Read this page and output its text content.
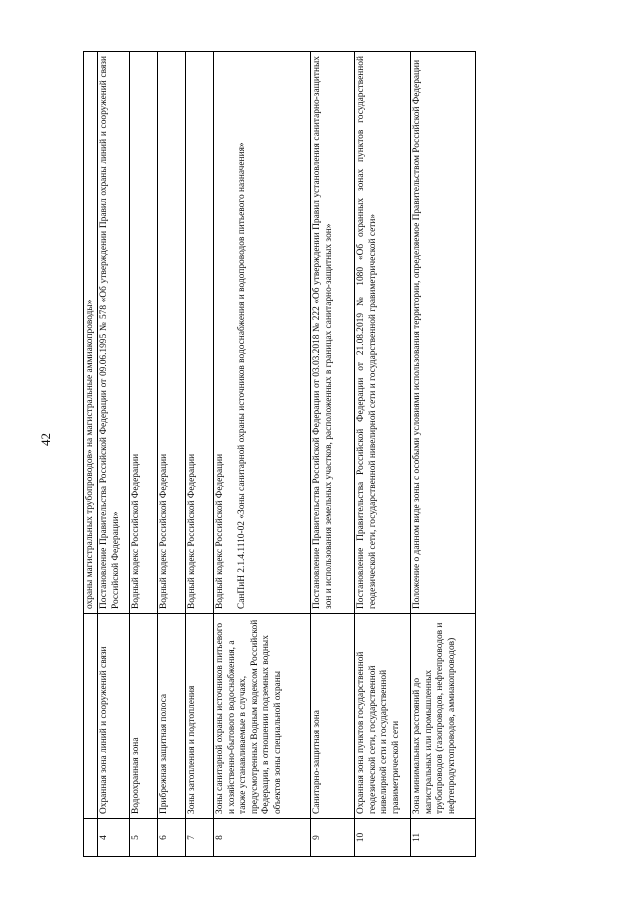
42
			охраны магистральных трубопроводов» на магистральные аммиакопроводы»
4	Охранная зона линий и сооружений связи	Постановление Правительства Российской Федерации от 09.06.1995 № 578 «Об утверждении Правил охраны линий и сооружений связи Российской Федерации»
5	Водоохранная зона	Водный кодекс Российской Федерации
6	Прибрежная защитная полоса	Водный кодекс Российской Федерации
7	Зоны затопления и подтопления	Водный кодекс Российской Федерации
8	Зоны санитарной охраны источников питьевого и хозяйственно-бытового водоснабжения, а также устанавливаемые в случаях, предусмотренных Водным кодексом Российской Федерации, в отношении подземных водных объектов зоны специальной охраны	Водный кодекс Российской Федерации СанПиН 2.1.4.1110-02 «Зоны санитарной охраны источников водоснабжения и водопроводов питьевого назначения»

9	Санитарно-защитная зона	Постановление Правительства Российской Федерации от 03.03.2018 № 222 «Об утверждении Правил установления санитарно-защитных зон и использования земельных участков, расположенных в границах санитарно-защитных зон»
10	Охранная зона пунктов государственной геодезической сети, государственной нивелирной сети и государственной гравиметрической сети	Постановление Правительства Российской Федерации от 21.08.2019 № 1080 «Об охранных зонах пунктов государственной геодезической сети, государственной нивелирной сети и государственной гравиметрической сети»
11	Зона минимальных расстояний до магистральных или промышленных трубопроводов (газопроводов, нефтепроводов и нефтепродуктопроводов, аммиакопроводов)	Положение о данном виде зоны с особыми условиями использования территории, определяемое Правительством Российской Федерации
